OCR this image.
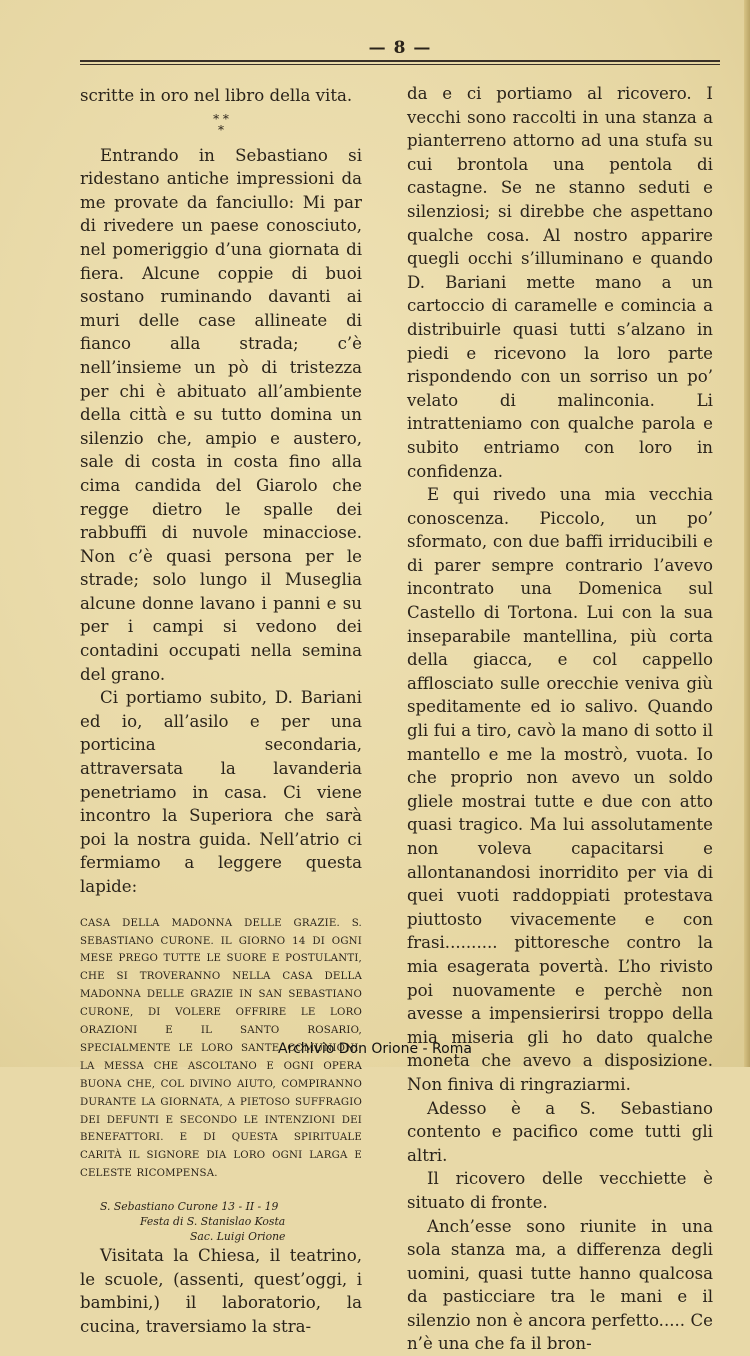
— 8 —

scritte in oro nel libro della vita.

* *
*

Entrando in Sebastiano si ridestano antiche impressioni da me provate da fanciullo: Mi par di rivedere un paese conosciuto, nel pomeriggio d’una giornata di fiera. Alcune coppie di buoi sostano ruminando davanti ai muri delle case allineate di fianco alla strada; c’è nell’insieme un pò di tristezza per chi è abituato all’ambiente della città e su tutto domina un silenzio che, ampio e austero, sale di costa in costa fino alla cima candida del Giarolo che regge dietro le spalle dei rabbuffi di nuvole minacciose. Non c’è quasi persona per le strade; solo lungo il Museglia alcune donne lavano i panni e su per i campi si vedono dei contadini occupati nella semina del grano.

Ci portiamo subito, D. Bariani ed io, all’asilo e per una porticina secondaria, attraversata la lavanderia penetriamo in casa. Ci viene incontro la Superiora che sarà poi la nostra guida. Nell’atrio ci fermiamo a leggere questa lapide:

CASA DELLA MADONNA DELLE GRAZIE. S. SEBASTIANO CURONE. IL GIORNO 14 DI OGNI MESE PREGO TUTTE LE SUORE E POSTULANTI, CHE SI TROVERANNO NELLA CASA DELLA MADONNA DELLE GRAZIE IN SAN SEBASTIANO CURONE, DI VOLERE OFFRIRE LE LORO ORAZIONI E IL SANTO ROSARIO, SPECIALMENTE LE LORO SANTE COMUNIONI, LA MESSA CHE ASCOLTANO E OGNI OPERA BUONA CHE, COL DIVINO AIUTO, COMPIRANNO DURANTE LA GIORNATA, A PIETOSO SUFFRAGIO DEI DEFUNTI E SECONDO LE INTENZIONI DEI BENEFATTORI. E DI QUESTA SPIRITUALE CARITÀ IL SIGNORE DIA LORO OGNI LARGA E CELESTE RICOMPENSA.
S. Sebastiano Curone 13 - II - 19
Festa di S. Stanislao Kosta
Sac. Luigi Orione

Visitata la Chiesa, il teatrino, le scuole, (assenti, quest’oggi, i bambini,) il laboratorio, la cucina, traversiamo la stra-

da e ci portiamo al ricovero. I vecchi sono raccolti in una stanza a pianterreno attorno ad una stufa su cui brontola una pentola di castagne. Se ne stanno seduti e silenziosi; si direbbe che aspettano qualche cosa. Al nostro apparire quegli occhi s’illuminano e quando D. Bariani mette mano a un cartoccio di caramelle e comincia a distribuirle quasi tutti s’alzano in piedi e ricevono la loro parte rispondendo con un sorriso un po’ velato di malinconia. Li intratteniamo con qualche parola e subito entriamo con loro in confidenza.

E qui rivedo una mia vecchia conoscenza. Piccolo, un po’ sformato, con due baffi irriducibili e di parer sempre contrario l’avevo incontrato una Domenica sul Castello di Tortona. Lui con la sua inseparabile mantellina, più corta della giacca, e col cappello afflosciato sulle orecchie veniva giù speditamente ed io salivo. Quando gli fui a tiro, cavò la mano di sotto il mantello e me la mostrò, vuota. Io che proprio non avevo un soldo gliele mostrai tutte e due con atto quasi tragico. Ma lui assolutamente non voleva capacitarsi e allontanandosi inorridito per via di quei vuoti raddoppiati protestava piuttosto vivacemente e con frasi.......... pittoresche contro la mia esagerata povertà. L’ho rivisto poi nuovamente e perchè non avesse a impensierirsi troppo della mia miseria gli ho dato qualche moneta che avevo a disposizione. Non finiva di ringraziarmi.

Adesso è a S. Sebastiano contento e pacifico come tutti gli altri.

Il ricovero delle vecchiette è situato di fronte.

Anch’esse sono riunite in una sola stanza ma, a differenza degli uomini, quasi tutte hanno qualcosa da pasticciare tra le mani e il silenzio non è ancora perfetto..... Ce n’è una che fa il bron-

Archivio Don Orione - Roma
